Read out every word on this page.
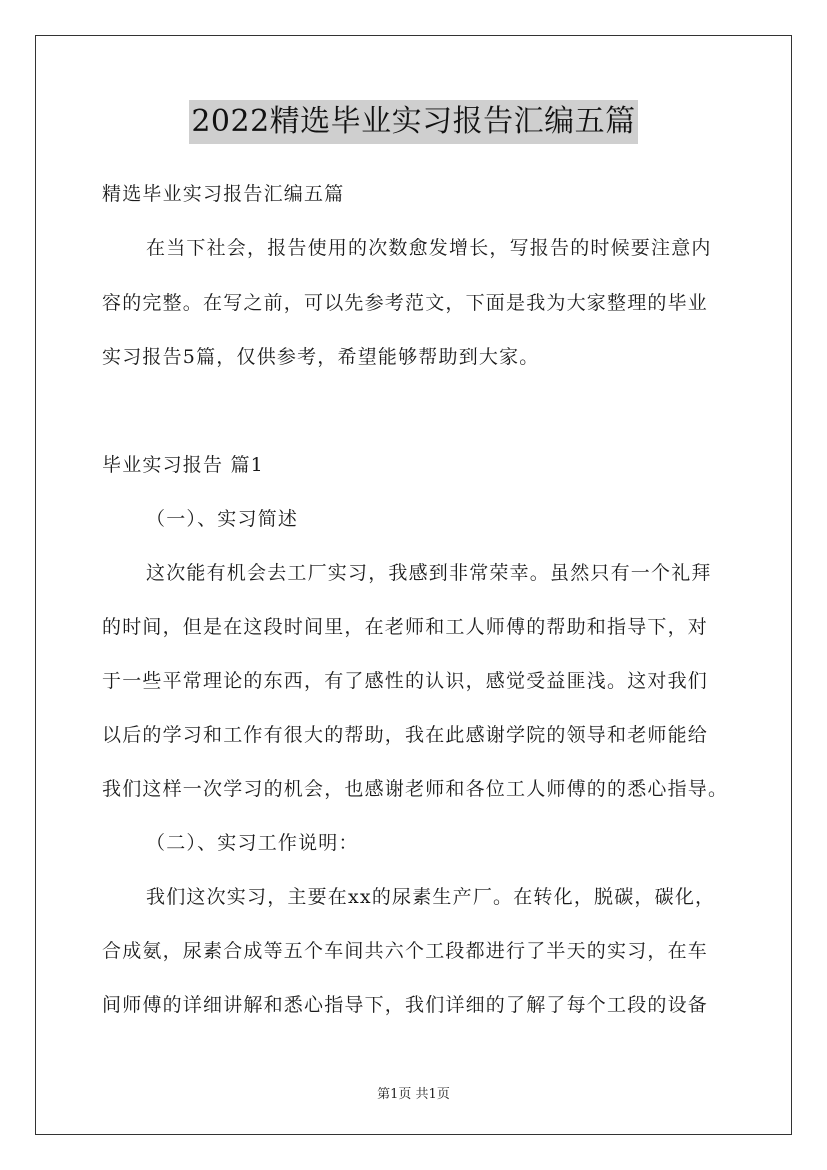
2022精选毕业实习报告汇编五篇
精选毕业实习报告汇编五篇
在当下社会，报告使用的次数愈发增长，写报告的时候要注意内
容的完整。在写之前，可以先参考范文，下面是我为大家整理的毕业
实习报告5篇，仅供参考，希望能够帮助到大家。
毕业实习报告 篇1
（一）、实习简述
这次能有机会去工厂实习，我感到非常荣幸。虽然只有一个礼拜
的时间，但是在这段时间里，在老师和工人师傅的帮助和指导下，对
于一些平常理论的东西，有了感性的认识，感觉受益匪浅。这对我们
以后的学习和工作有很大的帮助，我在此感谢学院的领导和老师能给
我们这样一次学习的机会，也感谢老师和各位工人师傅的的悉心指导。
（二）、实习工作说明：
我们这次实习，主要在xx的尿素生产厂。在转化，脱碳，碳化，
合成氨，尿素合成等五个车间共六个工段都进行了半天的实习，在车
间师傅的详细讲解和悉心指导下，我们详细的了解了每个工段的设备
第1页 共1页
